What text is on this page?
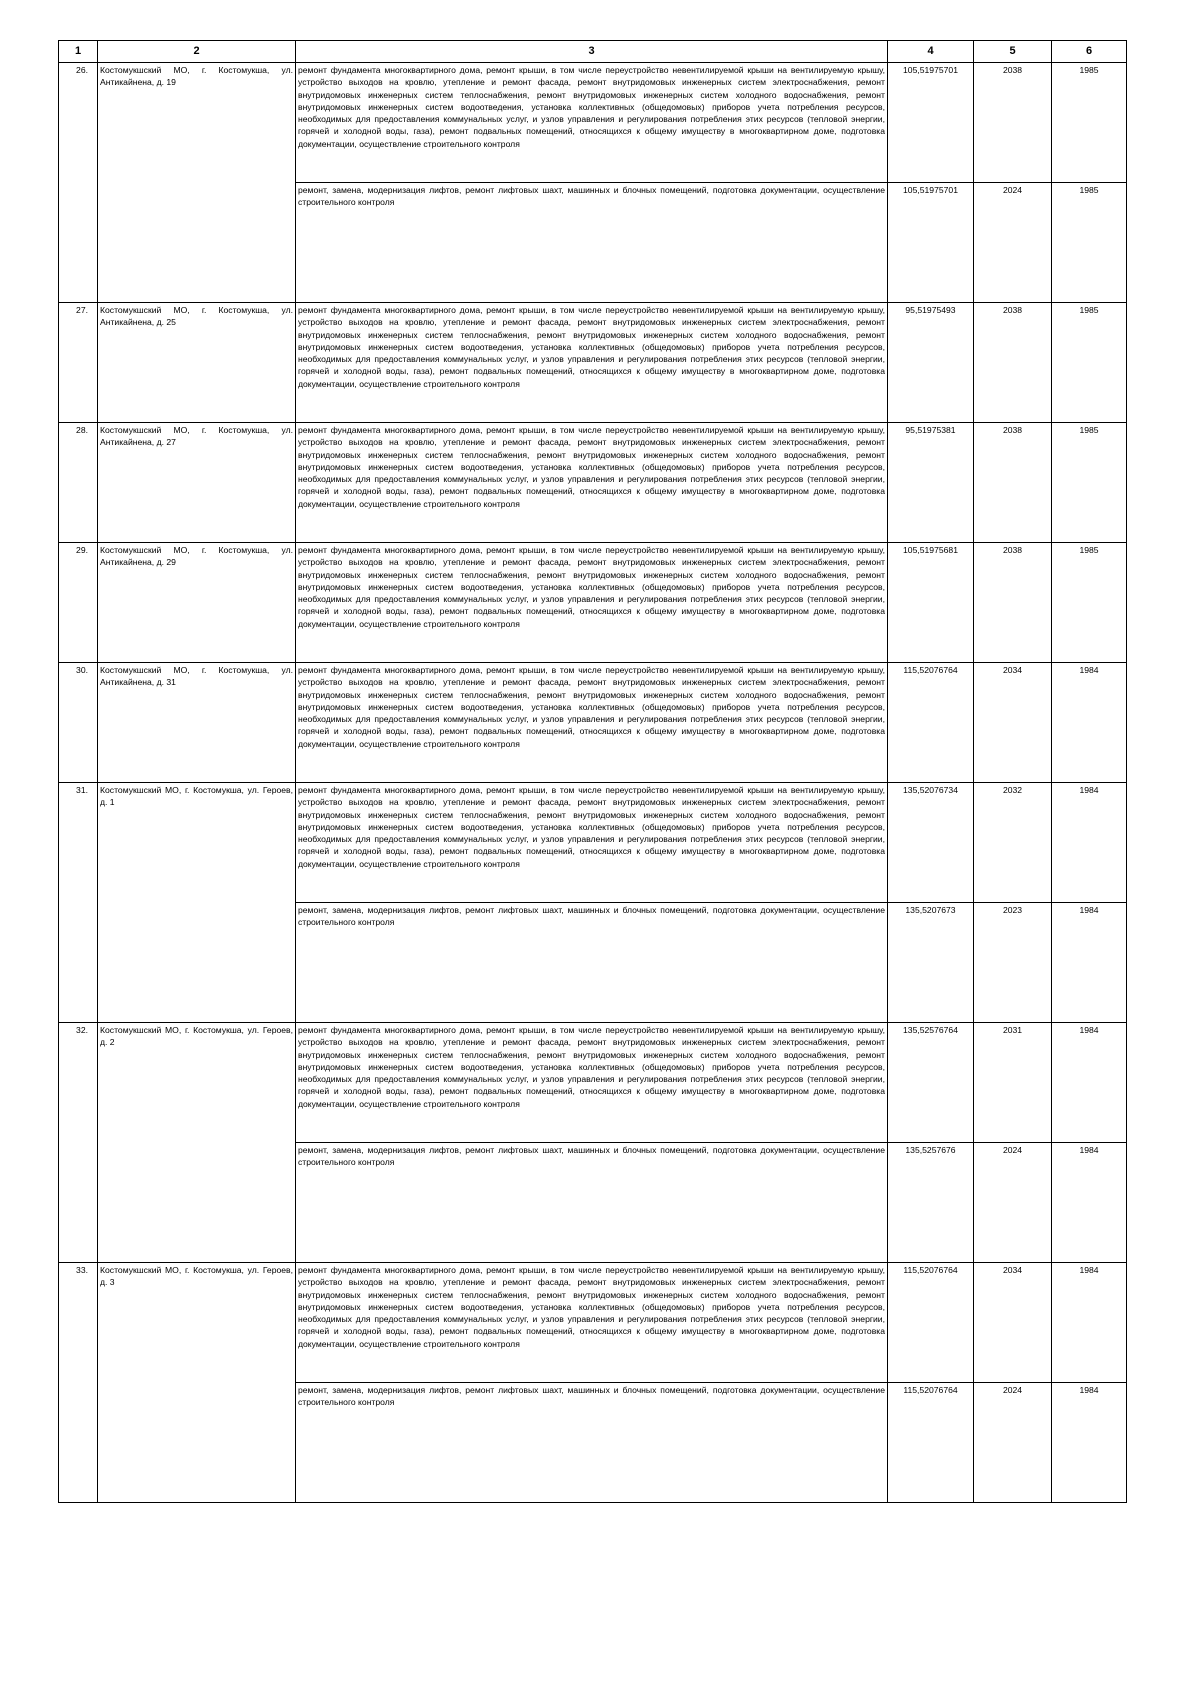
1	2	3	4	5	6
26.	Костомукшский МО, г. Костомукша, ул. Антикайнена, д. 19	ремонт фундамента многоквартирного дома, ремонт крыши, в том числе переустройство невентилируемой крыши на вентилируемую крышу, устройство выходов на кровлю, утепление и ремонт фасада, ремонт внутридомовых инженерных систем электроснабжения, ремонт внутридомовых инженерных систем теплоснабжения, ремонт внутридомовых инженерных систем холодного водоснабжения, ремонт внутридомовых инженерных систем водоотведения, установка коллективных (общедомовых) приборов учета потребления ресурсов, необходимых для предоставления коммунальных услуг, и узлов управления и регулирования потребления этих ресурсов (тепловой энергии, горячей и холодной воды, газа), ремонт подвальных помещений, относящихся к общему имуществу в многоквартирном доме, подготовка документации, осуществление строительного контроля	105,51975701	2038	1985
		ремонт, замена, модернизация лифтов, ремонт лифтовых шахт, машинных и блочных помещений, подготовка документации, осуществление строительного контроля	105,51975701	2024	1985
27.	Костомукшский МО, г. Костомукша, ул. Антикайнена, д. 25	ремонт фундамента многоквартирного дома, ремонт крыши, в том числе переустройство невентилируемой крыши на вентилируемую крышу, устройство выходов на кровлю, утепление и ремонт фасада, ремонт внутридомовых инженерных систем электроснабжения, ремонт внутридомовых инженерных систем теплоснабжения, ремонт внутридомовых инженерных систем холодного водоснабжения, ремонт внутридомовых инженерных систем водоотведения, установка коллективных (общедомовых) приборов учета потребления ресурсов, необходимых для предоставления коммунальных услуг, и узлов управления и регулирования потребления этих ресурсов (тепловой энергии, горячей и холодной воды, газа), ремонт подвальных помещений, относящихся к общему имуществу в многоквартирном доме, подготовка документации, осуществление строительного контроля	95,51975493	2038	1985
28.	Костомукшский МО, г. Костомукша, ул. Антикайнена, д. 27	ремонт фундамента многоквартирного дома, ремонт крыши, в том числе переустройство невентилируемой крыши на вентилируемую крышу, устройство выходов на кровлю, утепление и ремонт фасада, ремонт внутридомовых инженерных систем электроснабжения, ремонт внутридомовых инженерных систем теплоснабжения, ремонт внутридомовых инженерных систем холодного водоснабжения, ремонт внутридомовых инженерных систем водоотведения, установка коллективных (общедомовых) приборов учета потребления ресурсов, необходимых для предоставления коммунальных услуг, и узлов управления и регулирования потребления этих ресурсов (тепловой энергии, горячей и холодной воды, газа), ремонт подвальных помещений, относящихся к общему имуществу в многоквартирном доме, подготовка документации, осуществление строительного контроля	95,51975381	2038	1985
29.	Костомукшский МО, г. Костомукша, ул. Антикайнена, д. 29	ремонт фундамента многоквартирного дома, ремонт крыши, в том числе переустройство невентилируемой крыши на вентилируемую крышу, устройство выходов на кровлю, утепление и ремонт фасада, ремонт внутридомовых инженерных систем электроснабжения, ремонт внутридомовых инженерных систем теплоснабжения, ремонт внутридомовых инженерных систем холодного водоснабжения, ремонт внутридомовых инженерных систем водоотведения, установка коллективных (общедомовых) приборов учета потребления ресурсов, необходимых для предоставления коммунальных услуг, и узлов управления и регулирования потребления этих ресурсов (тепловой энергии, горячей и холодной воды, газа), ремонт подвальных помещений, относящихся к общему имуществу в многоквартирном доме, подготовка документации, осуществление строительного контроля	105,51975681	2038	1985
30.	Костомукшский МО, г. Костомукша, ул. Антикайнена, д. 31	ремонт фундамента многоквартирного дома, ремонт крыши, в том числе переустройство невентилируемой крыши на вентилируемую крышу, устройство выходов на кровлю, утепление и ремонт фасада, ремонт внутридомовых инженерных систем электроснабжения, ремонт внутридомовых инженерных систем теплоснабжения, ремонт внутридомовых инженерных систем холодного водоснабжения, ремонт внутридомовых инженерных систем водоотведения, установка коллективных (общедомовых) приборов учета потребления ресурсов, необходимых для предоставления коммунальных услуг, и узлов управления и регулирования потребления этих ресурсов (тепловой энергии, горячей и холодной воды, газа), ремонт подвальных помещений, относящихся к общему имуществу в многоквартирном доме, подготовка документации, осуществление строительного контроля	115,52076764	2034	1984
31.	Костомукшский МО, г. Костомукша, ул. Героев, д. 1	ремонт фундамента многоквартирного дома, ремонт крыши, в том числе переустройство невентилируемой крыши на вентилируемую крышу, устройство выходов на кровлю, утепление и ремонт фасада, ремонт внутридомовых инженерных систем электроснабжения, ремонт внутридомовых инженерных систем теплоснабжения, ремонт внутридомовых инженерных систем холодного водоснабжения, ремонт внутридомовых инженерных систем водоотведения, установка коллективных (общедомовых) приборов учета потребления ресурсов, необходимых для предоставления коммунальных услуг, и узлов управления и регулирования потребления этих ресурсов (тепловой энергии, горячей и холодной воды, газа), ремонт подвальных помещений, относящихся к общему имуществу в многоквартирном доме, подготовка документации, осуществление строительного контроля	135,52076734	2032	1984
		ремонт, замена, модернизация лифтов, ремонт лифтовых шахт, машинных и блочных помещений, подготовка документации, осуществление строительного контроля	135,5207673	2023	1984
32.	Костомукшский МО, г. Костомукша, ул. Героев, д. 2	ремонт фундамента многоквартирного дома, ремонт крыши, в том числе переустройство невентилируемой крыши на вентилируемую крышу, устройство выходов на кровлю, утепление и ремонт фасада, ремонт внутридомовых инженерных систем электроснабжения, ремонт внутридомовых инженерных систем теплоснабжения, ремонт внутридомовых инженерных систем холодного водоснабжения, ремонт внутридомовых инженерных систем водоотведения, установка коллективных (общедомовых) приборов учета потребления ресурсов, необходимых для предоставления коммунальных услуг, и узлов управления и регулирования потребления этих ресурсов (тепловой энергии, горячей и холодной воды, газа), ремонт подвальных помещений, относящихся к общему имуществу в многоквартирном доме, подготовка документации, осуществление строительного контроля	135,52576764	2031	1984
		ремонт, замена, модернизация лифтов, ремонт лифтовых шахт, машинных и блочных помещений, подготовка документации, осуществление строительного контроля	135,5257676	2024	1984
33.	Костомукшский МО, г. Костомукша, ул. Героев, д. 3	ремонт фундамента многоквартирного дома, ремонт крыши, в том числе переустройство невентилируемой крыши на вентилируемую крышу, устройство выходов на кровлю, утепление и ремонт фасада, ремонт внутридомовых инженерных систем электроснабжения, ремонт внутридомовых инженерных систем теплоснабжения, ремонт внутридомовых инженерных систем холодного водоснабжения, ремонт внутридомовых инженерных систем водоотведения, установка коллективных (общедомовых) приборов учета потребления ресурсов, необходимых для предоставления коммунальных услуг, и узлов управления и регулирования потребления этих ресурсов (тепловой энергии, горячей и холодной воды, газа), ремонт подвальных помещений, относящихся к общему имуществу в многоквартирном доме, подготовка документации, осуществление строительного контроля	115,52076764	2034	1984
		ремонт, замена, модернизация лифтов, ремонт лифтовых шахт, машинных и блочных помещений, подготовка документации, осуществление строительного контроля	115,52076764	2024	1984
